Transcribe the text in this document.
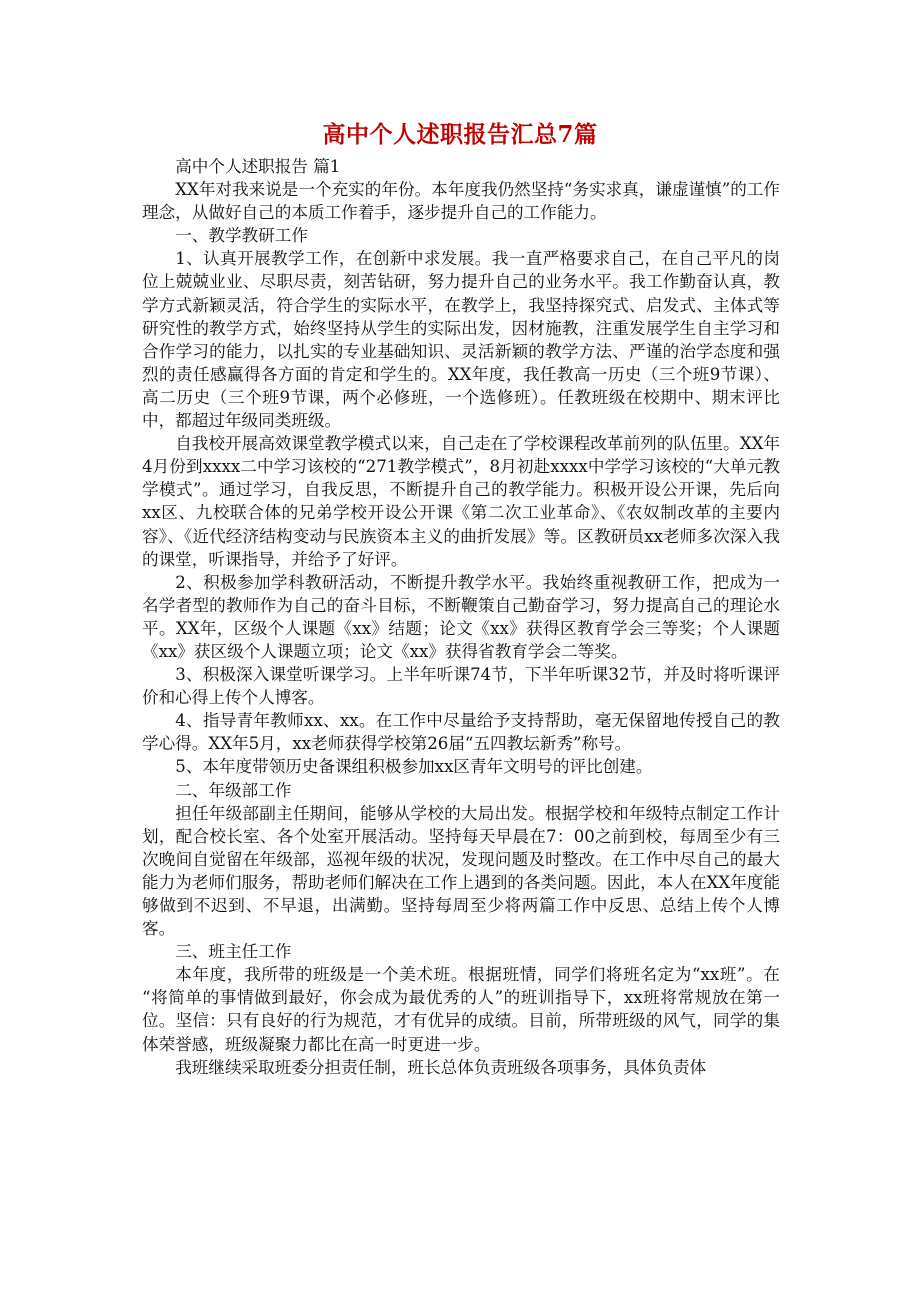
高中个人述职报告汇总7篇

高中个人述职报告 篇1

XX年对我来说是一个充实的年份。本年度我仍然坚持“务实求真，谦虚谨慎”的工作理念，从做好自己的本质工作着手，逐步提升自己的工作能力。

一、教学教研工作

1、认真开展教学工作，在创新中求发展。我一直严格要求自己，在自己平凡的岗位上兢兢业业、尽职尽责，刻苦钻研，努力提升自己的业务水平。我工作勤奋认真，教学方式新颖灵活，符合学生的实际水平，在教学上，我坚持探究式、启发式、主体式等研究性的教学方式，始终坚持从学生的实际出发，因材施教，注重发展学生自主学习和合作学习的能力，以扎实的专业基础知识、灵活新颖的教学方法、严谨的治学态度和强烈的责任感赢得各方面的肯定和学生的。XX年度，我任教高一历史（三个班9节课）、高二历史（三个班9节课，两个必修班，一个选修班）。任教班级在校期中、期末评比中，都超过年级同类班级。

自我校开展高效课堂教学模式以来，自己走在了学校课程改革前列的队伍里。XX年4月份到xxxx二中学习该校的“271教学模式”，8月初赴xxxx中学学习该校的“大单元教学模式”。通过学习，自我反思，不断提升自己的教学能力。积极开设公开课，先后向xx区、九校联合体的兄弟学校开设公开课《第二次工业革命》、《农奴制改革的主要内容》、《近代经济结构变动与民族资本主义的曲折发展》等。区教研员xx老师多次深入我的课堂，听课指导，并给予了好评。

2、积极参加学科教研活动，不断提升教学水平。我始终重视教研工作，把成为一名学者型的教师作为自己的奋斗目标，不断鞭策自己勤奋学习，努力提高自己的理论水平。XX年，区级个人课题《xx》结题；论文《xx》获得区教育学会三等奖；个人课题《xx》获区级个人课题立项；论文《xx》获得省教育学会二等奖。

3、积极深入课堂听课学习。上半年听课74节，下半年听课32节，并及时将听课评价和心得上传个人博客。

4、指导青年教师xx、xx。在工作中尽量给予支持帮助，毫无保留地传授自己的教学心得。XX年5月，xx老师获得学校第26届“五四教坛新秀”称号。

5、本年度带领历史备课组积极参加xx区青年文明号的评比创建。

二、年级部工作

担任年级部副主任期间，能够从学校的大局出发。根据学校和年级特点制定工作计划，配合校长室、各个处室开展活动。坚持每天早晨在7：00之前到校，每周至少有三次晚间自觉留在年级部，巡视年级的状况，发现问题及时整改。在工作中尽自己的最大能力为老师们服务，帮助老师们解决在工作上遇到的各类问题。因此，本人在XX年度能够做到不迟到、不早退，出满勤。坚持每周至少将两篇工作中反思、总结上传个人博客。

三、班主任工作

本年度，我所带的班级是一个美术班。根据班情，同学们将班名定为“xx班”。在 “将简单的事情做到最好，你会成为最优秀的人”的班训指导下，xx班将常规放在第一位。坚信：只有良好的行为规范，才有优异的成绩。目前，所带班级的风气，同学的集体荣誉感，班级凝聚力都比在高一时更进一步。

我班继续采取班委分担责任制，班长总体负责班级各项事务，具体负责体
